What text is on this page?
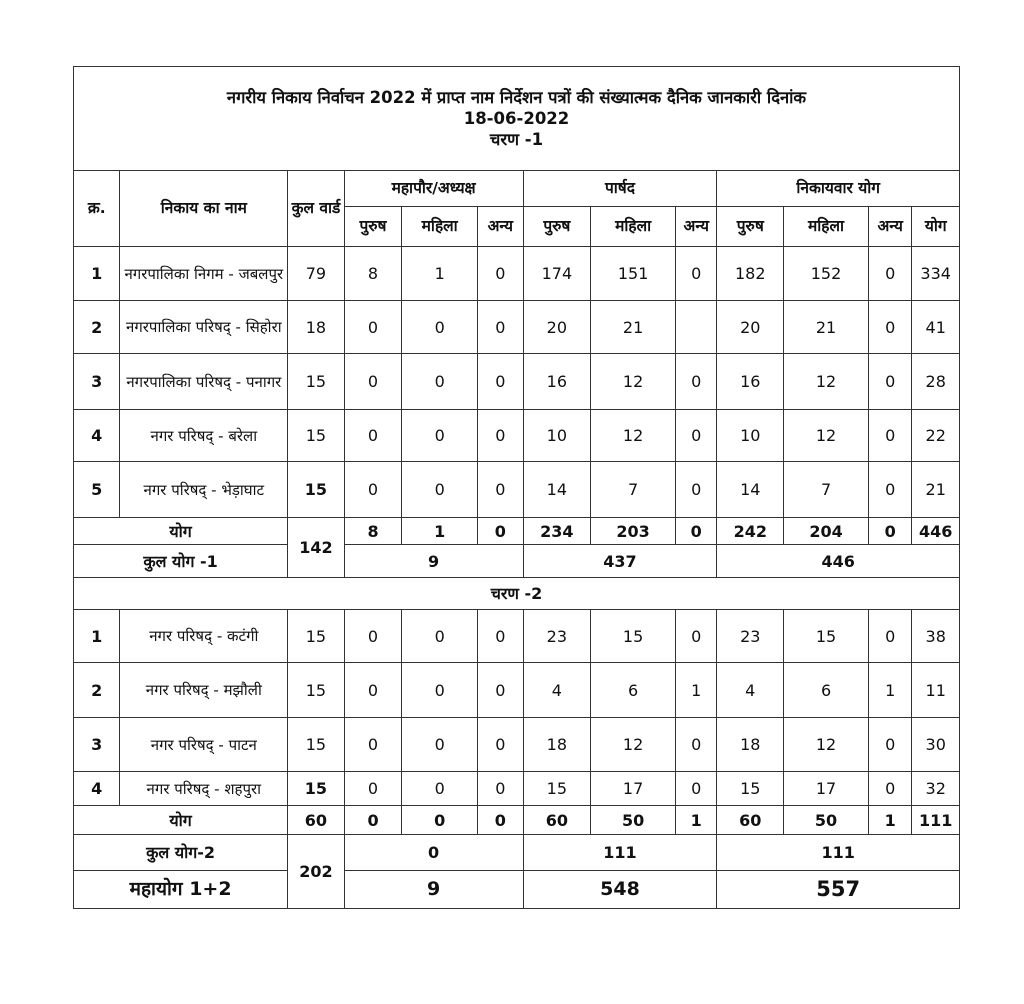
नगरीय निकाय निर्वाचन 2022 में प्राप्त नाम निर्देशन पत्रों की संख्यात्मक दैनिक जानकारी दिनांक
18-06-2022
चरण -1												

क्र.	निकाय का नाम	कुल वार्ड	महापौर/अध्यक्ष			पार्षद			निकायवार योग			
			पुरुष	महिला	अन्य	पुरुष	महिला	अन्य	पुरुष	महिला	अन्य	योग
1	नगरपालिका निगम - जबलपुर	79	8	1	0	174	151	0	182	152	0	334
2	नगरपालिका परिषद् - सिहोरा	18	0	0	0	20	21		20	21	0	41
3	नगरपालिका परिषद् - पनागर	15	0	0	0	16	12	0	16	12	0	28
4	नगर परिषद् - बरेला	15	0	0	0	10	12	0	10	12	0	22
5	नगर परिषद् - भेड़ाघाट	15	0	0	0	14	7	0	14	7	0	21
योग		142	8	1	0	234	203	0	242	204	0	446
कुल योग -1			9			437			446			
चरण -2												
1	नगर परिषद् - कटंगी	15	0	0	0	23	15	0	23	15	0	38
2	नगर परिषद् - मझौली	15	0	0	0	4	6	1	4	6	1	11
3	नगर परिषद् - पाटन	15	0	0	0	18	12	0	18	12	0	30
4	नगर परिषद् - शहपुरा	15	0	0	0	15	17	0	15	17	0	32
योग		60	0	0	0	60	50	1	60	50	1	111
कुल योग-2		202	0			111			111			
महायोग 1+2			9			548			557			
